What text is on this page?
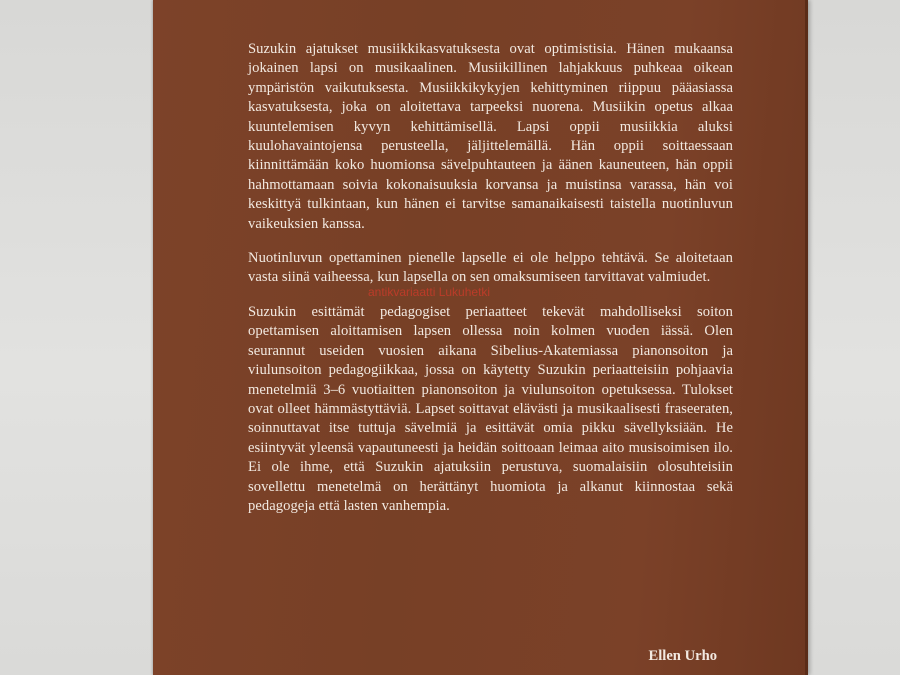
Suzukin ajatukset musiikkikasvatuksesta ovat optimistisia. Hänen mukaansa jokainen lapsi on musikaalinen. Musiikillinen lahjakkuus puhkeaa oikean ympäristön vaikutuksesta. Musiikkikykyjen kehittyminen riippuu pääasiassa kasvatuksesta, joka on aloitettava tarpeeksi nuorena. Musiikin opetus alkaa kuuntelemisen kyvyn kehittämisellä. Lapsi oppii musiikkia aluksi kuulohavaintojensa perusteella, jäljittelemällä. Hän oppii soittaessaan kiinnittämään koko huomionsa sävelpuhtauteen ja äänen kauneuteen, hän oppii hahmottamaan soivia kokonaisuuksia korvansa ja muistinsa varassa, hän voi keskittyä tulkintaan, kun hänen ei tarvitse samanaikaisesti taistella nuotinluvun vaikeuksien kanssa.

Nuotinluvun opettaminen pienelle lapselle ei ole helppo tehtävä. Se aloitetaan vasta siinä vaiheessa, kun lapsella on sen omaksumiseen tarvittavat valmiudet.

Suzukin esittämät pedagogiset periaatteet tekevät mahdolliseksi soiton opettamisen aloittamisen lapsen ollessa noin kolmen vuoden iässä. Olen seurannut useiden vuosien aikana Sibelius-Akatemiassa pianonsoiton ja viulunsoiton pedagogiikkaa, jossa on käytetty Suzukin periaatteisiin pohjaavia menetelmiä 3–6 vuotiaitten pianonsoiton ja viulunsoiton opetuksessa. Tulokset ovat olleet hämmästyttäviä. Lapset soittavat elävästi ja musikaalisesti fraseeraten, soinnuttavat itse tuttuja sävelmiä ja esittävät omia pikku sävellyksiään. He esiintyvät yleensä vapautuneesti ja heidän soittoaan leimaa aito musisoimisen ilo. Ei ole ihme, että Suzukin ajatuksiin perustuva, suomalaisiin olosuhteisiin sovellettu menetelmä on herättänyt huomiota ja alkanut kiinnostaa sekä pedagogeja että lasten vanhempia.

antikvariaatti Lukuhetki
Ellen Urho
